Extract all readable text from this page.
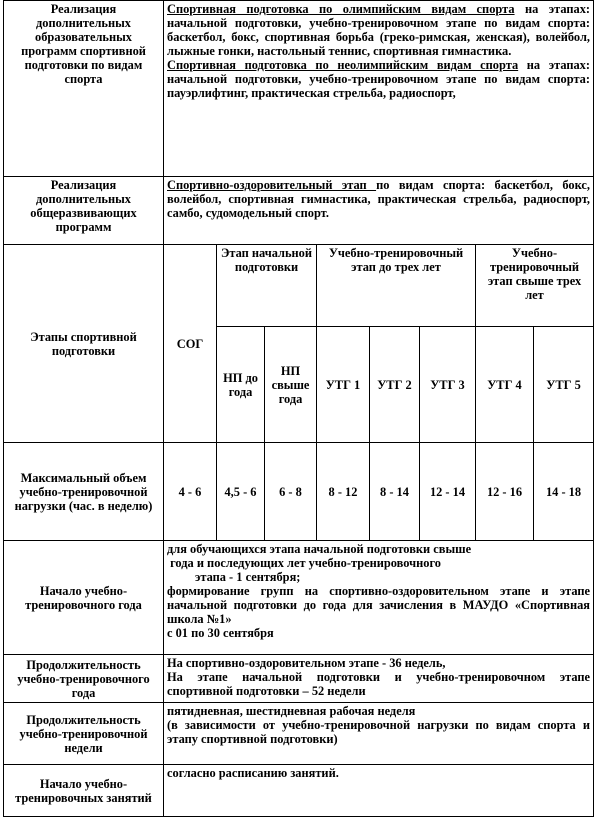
Реализация дополнительных образовательных программ спортивной подготовки по видам спорта	Спортивная подготовка по олимпийским видам спорта на этапах: начальной подготовки, учебно-тренировочном этапе по видам спорта: баскетбол, бокс, спортивная борьба (греко-римская, женская), волейбол, лыжные гонки, настольный теннис, спортивная гимнастика.
Спортивная подготовка по неолимпийским видам спорта на этапах: начальной подготовки, учебно-тренировочном этапе по видам спорта: пауэрлифтинг, практическая стрельба, радиоспорт,							

Реализация дополнительных общеразвивающих программ	Спортивно-оздоровительный этап по видам спорта: баскетбол, бокс, волейбол, спортивная гимнастика, практическая стрельба, радиоспорт, самбо, судомодельный спорт.							
Этапы спортивной подготовки	СОГ	Этап начальной подготовки		Учебно-тренировочный этап до трех лет			Учебно-тренировочный этап свыше трех лет	
		НП до года	НП свыше года	УТГ 1	УТГ 2	УТГ 3	УТГ 4	УТГ 5
Максимальный объем учебно-тренировочной нагрузки (час. в неделю)	4 - 6	4,5 - 6	6 - 8	8 - 12	8 - 14	12 - 14	12 - 16	14 - 18
Начало учебно-тренировочного года	для обучающихся этапа начальной подготовки свыше
года и последующих лет учебно-тренировочного
этапа - 1 сентября;
формирование групп на спортивно-оздоровительном этапе и этапе начальной подготовки до года для зачисления в МАУДО «Спортивная школа №1»
с 01 по 30 сентября							

Продолжительность учебно-тренировочного года	На спортивно-оздоровительном этапе - 36 недель,
На этапе начальной подготовки и учебно-тренировочном этапе спортивной подготовки – 52 недели							

Продолжительность учебно-тренировочной недели	пятидневная, шестидневная рабочая неделя
(в зависимости от учебно-тренировочной нагрузки по видам спорта и этапу спортивной подготовки)							

Начало учебно-тренировочных занятий	согласно расписанию занятий.							
